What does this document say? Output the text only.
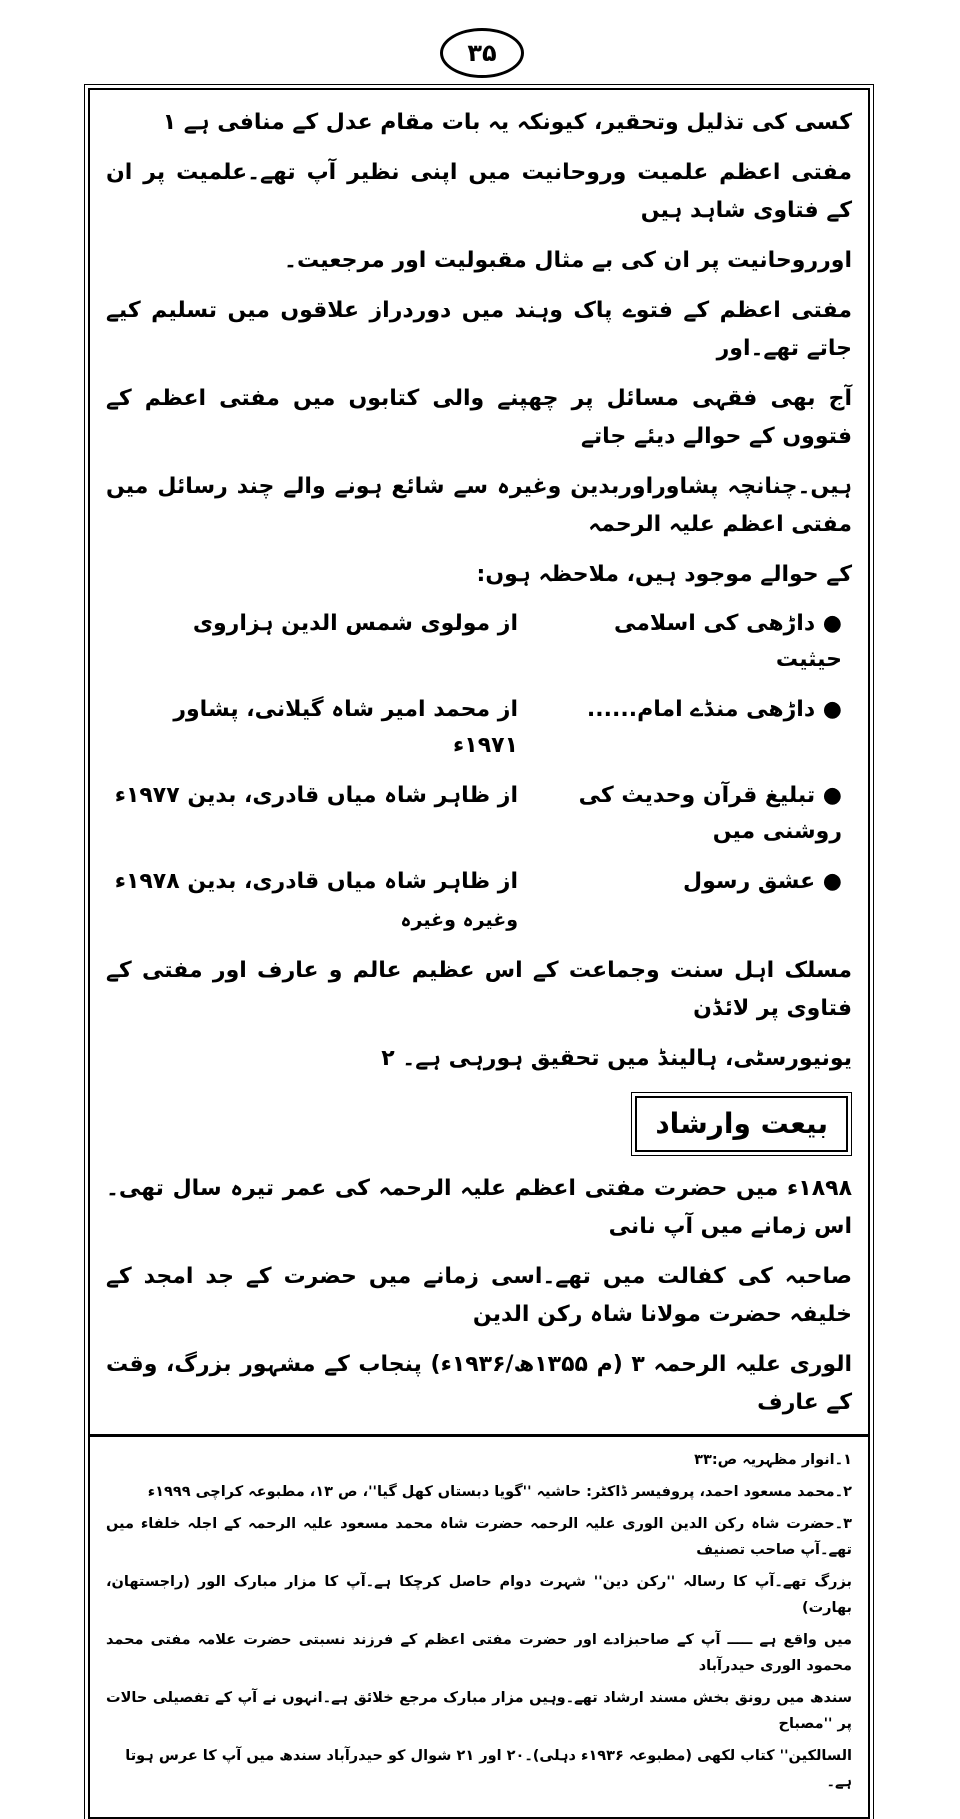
۳۵
کسی کی تذلیل وتحقیر، کیونکہ یہ بات مقام عدل کے منافی ہے ۱
مفتی اعظم علمیت وروحانیت میں اپنی نظیر آپ تھے۔علمیت پر ان کے فتاوی شاہد ہیں
اورروحانیت پر ان کی بے مثال مقبولیت اور مرجعیت۔
مفتی اعظم کے فتوے پاک وہند میں دوردراز علاقوں میں تسلیم کیے جاتے تھے۔اور
آج بھی فقہی مسائل پر چھپنے والی کتابوں میں مفتی اعظم کے فتووں کے حوالے دیئے جاتے
ہیں۔چنانچہ پشاوراوربدین وغیرہ سے شائع ہونے والے چند رسائل میں مفتی اعظم علیہ الرحمہ
کے حوالے موجود ہیں، ملاحظہ ہوں:
● داڑھی کی اسلامی حیثیت
از مولوی شمس الدین ہزاروی
● داڑھی منڈے امام......
از محمد امیر شاہ گیلانی، پشاور ۱۹۷۱ء
● تبلیغ قرآن وحدیث کی روشنی میں
از ظاہر شاہ میاں قادری، بدین ۱۹۷۷ء
● عشق رسول
از ظاہر شاہ میاں قادری، بدین ۱۹۷۸ء
وغیرہ وغیرہ
مسلک اہل سنت وجماعت کے اس عظیم عالم و عارف اور مفتی کے فتاوی پر لائڈن
یونیورسٹی، ہالینڈ میں تحقیق ہورہی ہے۔ ۲
بیعت وارشاد
۱۸۹۸ء میں حضرت مفتی اعظم علیہ الرحمہ کی عمر تیرہ سال تھی۔اس زمانے میں آپ نانی
صاحبہ کی کفالت میں تھے۔اسی زمانے میں حضرت کے جد امجد کے خلیفہ حضرت مولانا شاہ رکن الدین
الوری علیہ الرحمہ ۳ (م ۱۳۵۵ھ/۱۹۳۶ء) پنجاب کے مشہور بزرگ، وقت کے عارف
۱۔انوار مظہریہ ص:۳۳
۲۔محمد مسعود احمد، پروفیسر ڈاکٹر: حاشیہ ''گویا دبستاں کھل گیا''، ص ۱۳، مطبوعہ کراچی ۱۹۹۹ء
۳۔حضرت شاہ رکن الدین الوری علیہ الرحمہ حضرت شاہ محمد مسعود علیہ الرحمہ کے اجلہ خلفاء میں تھے۔آپ صاحب تصنیف
بزرگ تھے۔آپ کا رسالہ ''رکن دین'' شہرت دوام حاصل کرچکا ہے۔آپ کا مزار مبارک الور (راجستھان، بھارت)
میں واقع ہے ـــــ آپ کے صاحبزادے اور حضرت مفتی اعظم کے فرزند نسبتی حضرت علامہ مفتی محمد محمود الوری حیدرآباد
سندھ میں رونق بخش مسند ارشاد تھے۔وہیں مزار مبارک مرجع خلائق ہے۔انہوں نے آپ کے تفصیلی حالات پر ''مصباح
السالکین'' کتاب لکھی (مطبوعہ ۱۹۳۶ء دہلی)۔۲۰ اور ۲۱ شوال کو حیدرآباد سندھ میں آپ کا عرس ہوتا ہے۔
